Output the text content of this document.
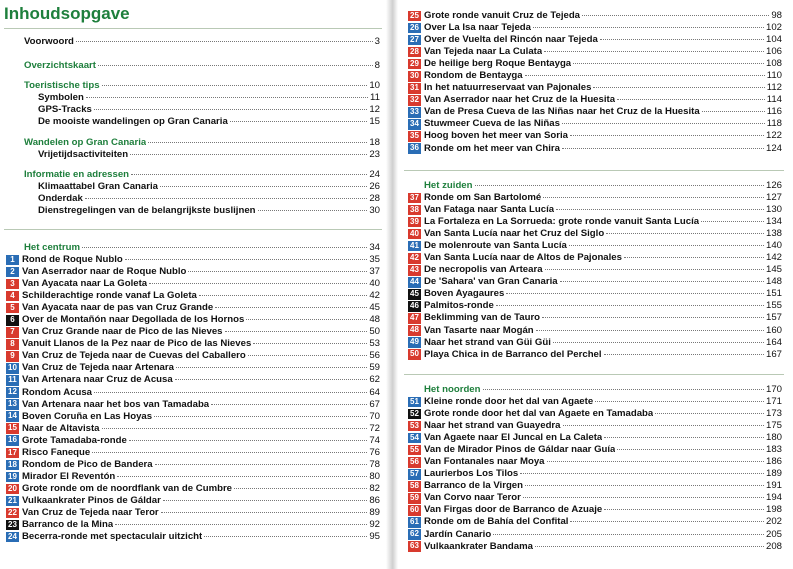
Inhoudsopgave
Voorwoord	3
Overzichtskaart	8
Toeristische tips	10
Symbolen	11
GPS-Tracks	12
De mooiste wandelingen op Gran Canaria	15
Wandelen op Gran Canaria	18
Vrijetijdsactiviteiten	23
Informatie en adressen	24
Klimaattabel Gran Canaria	26
Onderdak	28
Dienstregelingen van de belangrijkste buslijnen	30
Het centrum	34
1 Rond de Roque Nublo	35
2 Van Aserrador naar de Roque Nublo	37
3 Van Ayacata naar La Goleta	40
4 Schilderachtige ronde vanaf La Goleta	42
5 Van Ayacata naar de pas van Cruz Grande	45
6 Over de Montañón naar Degollada de los Hornos	48
7 Van Cruz Grande naar de Pico de las Nieves	50
8 Vanuit Llanos de la Pez naar de Pico de las Nieves	53
9 Van Cruz de Tejeda naar de Cuevas del Caballero	56
10 Van Cruz de Tejeda naar Artenara	59
11 Van Artenara naar Cruz de Acusa	62
12 Rondom Acusa	64
13 Van Artenara naar het bos van Tamadaba	67
14 Boven Coruña en Las Hoyas	70
15 Naar de Altavista	72
16 Grote Tamadaba-ronde	74
17 Risco Faneque	76
18 Rondom de Pico de Bandera	78
19 Mirador El Reventón	80
20 Grote ronde om de noordflank van de Cumbre	82
21 Vulkaankrater Pinos de Gáldar	86
22 Van Cruz de Tejeda naar Teror	89
23 Barranco de la Mina	92
24 Becerra-ronde met spectaculair uitzicht	95
25 Grote ronde vanuit Cruz de Tejeda	98
26 Over La Isa naar Tejeda	102
27 Over de Vuelta del Rincón naar Tejeda	104
28 Van Tejeda naar La Culata	106
29 De heilige berg Roque Bentayga	108
30 Rondom de Bentayga	110
31 In het natuurreservaat van Pajonales	112
32 Van Aserrador naar het Cruz de la Huesita	114
33 Van de Presa Cueva de las Niñas naar het Cruz de la Huesita	116
34 Stuwmeer Cueva de las Niñas	118
35 Hoog boven het meer van Soria	122
36 Ronde om het meer van Chira	124
Het zuiden	126
37 Ronde om San Bartolomé	127
38 Van Fataga naar Santa Lucía	130
39 La Fortaleza en La Sorrueda: grote ronde vanuit Santa Lucía	134
40 Van Santa Lucía naar het Cruz del Siglo	138
41 De molenroute van Santa Lucía	140
42 Van Santa Lucía naar de Altos de Pajonales	142
43 De necropolis van Arteara	145
44 De 'Sahara' van Gran Canaria	148
45 Boven Ayagaures	151
46 Palmitos-ronde	155
47 Beklimming van de Tauro	157
48 Van Tasarte naar Mogán	160
49 Naar het strand van Güi Güi	164
50 Playa Chica in de Barranco del Perchel	167
Het noorden	170
51 Kleine ronde door het dal van Agaete	171
52 Grote ronde door het dal van Agaete en Tamadaba	173
53 Naar het strand van Guayedra	175
54 Van Agaete naar El Juncal en La Caleta	180
55 Van de Mirador Pinos de Gáldar naar Guía	183
56 Van Fontanales naar Moya	186
57 Laurierbos Los Tilos	189
58 Barranco de la Virgen	191
59 Van Corvo naar Teror	194
60 Van Firgas door de Barranco de Azuaje	198
61 Ronde om de Bahía del Confital	202
62 Jardín Canario	205
63 Vulkaankrater Bandama	208
